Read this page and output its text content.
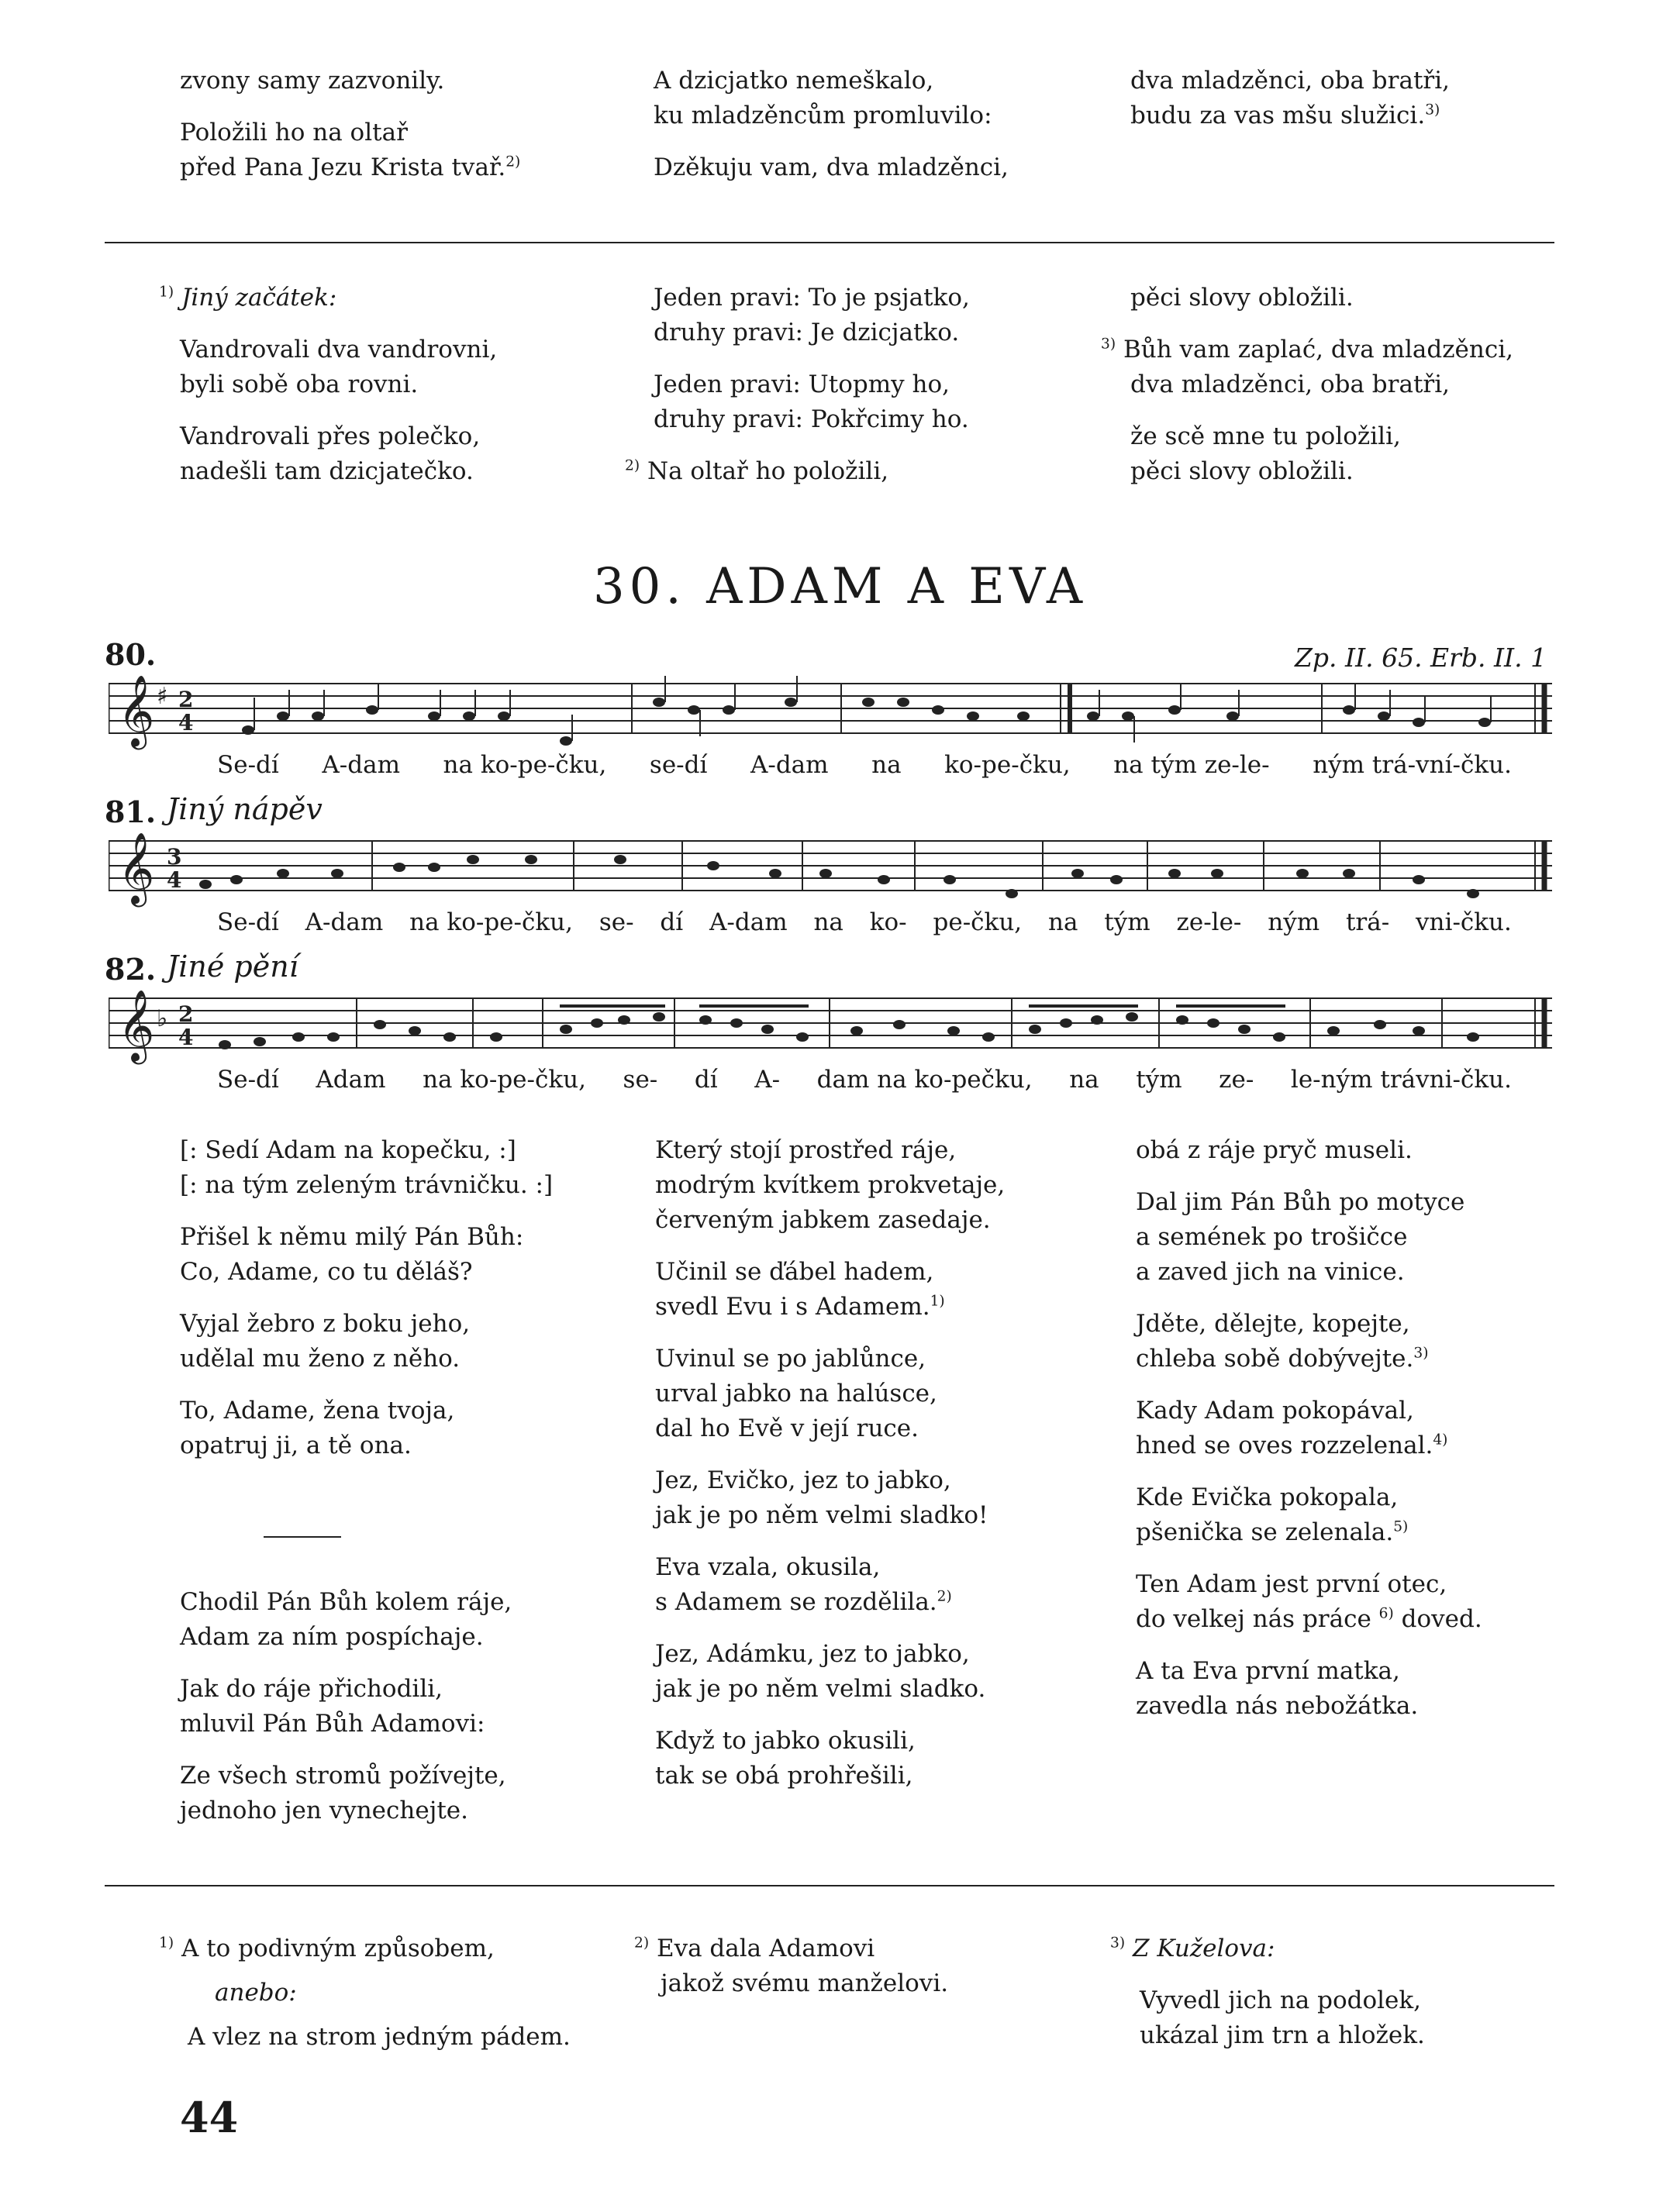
zvony samy zazvonily.

Položili ho na oltař
před Pana Jezu Krista tvař.$^{2)}$

A dzicjatko nemeškalo,
ku mladzěncům promluvilo:

Dzěkuju vam, dva mladzěnci,

dva mladzěnci, oba bratři,
budu za vas mšu služici.$^{3)}$

$^{1)}$ Jiný začátek:

Vandrovali dva vandrovni,
byli sobě oba rovni.

Vandrovali přes polečko,
nadešli tam dzicjatečko.

Jeden pravi: To je psjatko,
druhy pravi: Je dzicjatko.

Jeden pravi: Utopmy ho,
druhy pravi: Pokřcimy ho.

$^{2)}$ Na oltař ho položili,

pěci slovy obložili.

$^{3)}$ Bůh vam zaplać, dva mladzěnci,
dva mladzěnci, oba bratři,

že scě mne tu položili,
pěci slovy obložili.

30. ADAM A EVA
80.	Zp. II. 65. Erb. II. 1
𝄞 ♯ 2
4
Se-dí A-dam na ko-pe-čku, se-dí A-dam na ko-pe-čku, na tým ze-le- ným trá-vní-čku.
81. Jiný nápěv
𝄞 3
4
Se-dí A-dam na ko-pe-čku, se- dí A-dam na ko- pe-čku, na tým ze-le- ným trá- vni-čku.
82. Jiné pění
𝄞 ♭ 2
4
Se-dí Adam na ko-pe-čku, se- dí A- dam na ko-pečku, na tým ze- le-ným trávni-čku.

[: Sedí Adam na kopečku, :]
[: na tým zeleným trávničku. :]

Přišel k němu milý Pán Bůh:
Co, Adame, co tu děláš?

Vyjal žebro z boku jeho,
udělal mu ženo z něho.

To, Adame, žena tvoja,
opatruj ji, a tě ona.

Chodil Pán Bůh kolem ráje,
Adam za ním pospíchaje.

Jak do ráje přichodili,
mluvil Pán Bůh Adamovi:

Ze všech stromů požívejte,
jednoho jen vynechejte.

Který stojí prostřed ráje,
modrým kvítkem prokvetaje,
červeným jabkem zasedaje.

Učinil se ďábel hadem,
svedl Evu i s Adamem.$^{1)}$

Uvinul se po jablůnce,
urval jabko na halúsce,
dal ho Evě v její ruce.

Jez, Evičko, jez to jabko,
jak je po něm velmi sladko!

Eva vzala, okusila,
s Adamem se rozdělila.$^{2)}$

Jez, Adámku, jez to jabko,
jak je po něm velmi sladko.

Když to jabko okusili,
tak se obá prohřešili,

obá z ráje pryč museli.

Dal jim Pán Bůh po motyce
a semének po trošičce
a zaved jich na vinice.

Jděte, dělejte, kopejte,
chleba sobě dobývejte.$^{3)}$

Kady Adam pokopával,
hned se oves rozzelenal.$^{4)}$

Kde Evička pokopala,
pšenička se zelenala.$^{5)}$

Ten Adam jest první otec,
do velkej nás práce $^{6)}$ doved.

A ta Eva první matka,
zavedla nás nebožátka.

$^{1)}$ A to podivným způsobem,

anebo:

A vlez na strom jedným pádem.

$^{2)}$ Eva dala Adamovi
jakož svému manželovi.

$^{3)}$ Z Kuželova:

Vyvedl jich na podolek,
ukázal jim trn a hložek.

44
